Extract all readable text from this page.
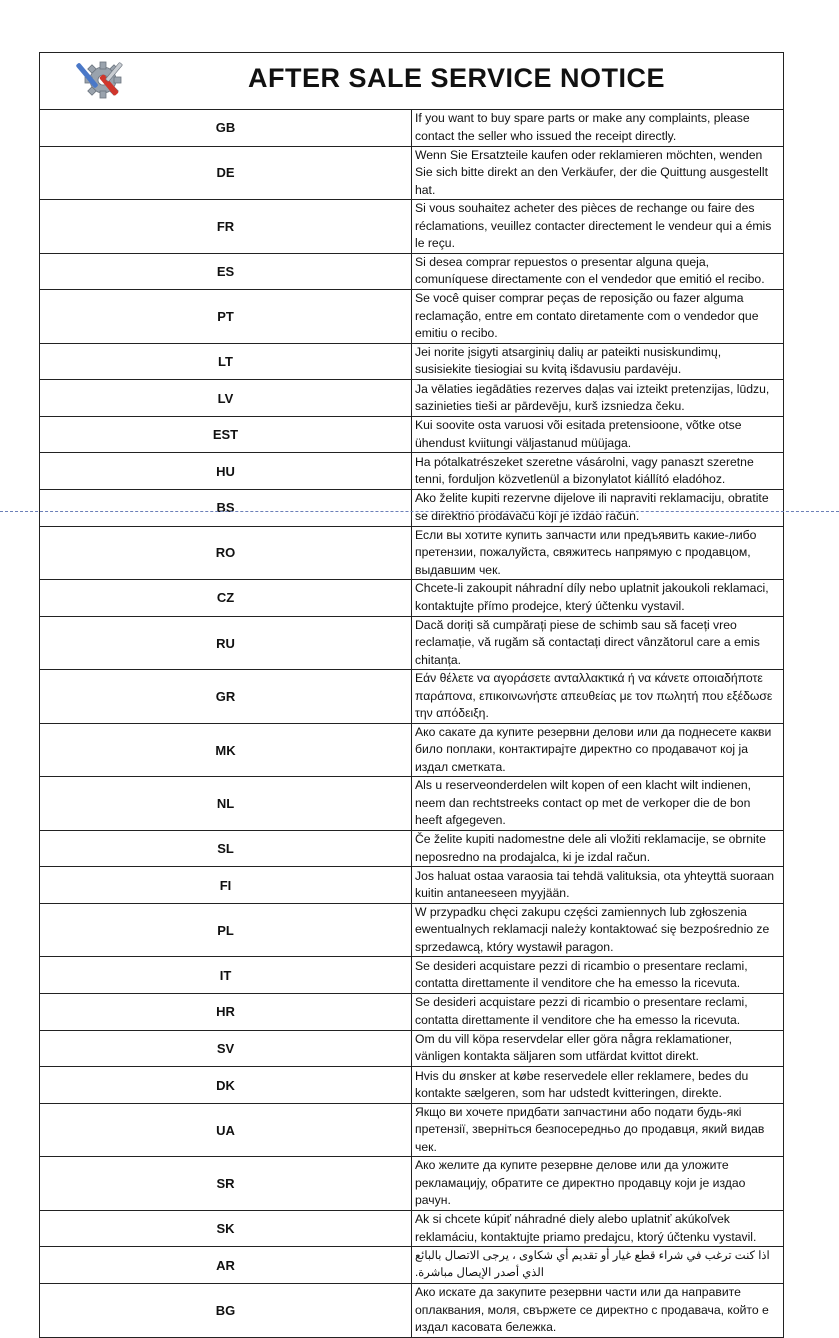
AFTER SALE SERVICE NOTICE	

GB	If you want to buy spare parts or make any complaints, please contact the seller who issued the receipt directly.
DE	Wenn Sie Ersatzteile kaufen oder reklamieren möchten, wenden Sie sich bitte direkt an den Verkäufer, der die Quittung ausgestellt hat.
FR	Si vous souhaitez acheter des pièces de rechange ou faire des réclamations, veuillez contacter directement le vendeur qui a émis le reçu.
ES	Si desea comprar repuestos o presentar alguna queja, comuníquese directamente con el vendedor que emitió el recibo.
PT	Se você quiser comprar peças de reposição ou fazer alguma reclamação, entre em contato diretamente com o vendedor que emitiu o recibo.
LT	Jei norite įsigyti atsarginių dalių ar pateikti nusiskundimų, susisiekite tiesiogiai su kvitą išdavusiu pardavėju.
LV	Ja vēlaties iegādāties rezerves daļas vai izteikt pretenzijas, lūdzu, sazinieties tieši ar pārdevēju, kurš izsniedza čeku.
EST	Kui soovite osta varuosi või esitada pretensioone, võtke otse ühendust kviitungi väljastanud müüjaga.
HU	Ha pótalkatrészeket szeretne vásárolni, vagy panaszt szeretne tenni, forduljon közvetlenül a bizonylatot kiállító eladóhoz.
BS	Ako želite kupiti rezervne dijelove ili napraviti reklamaciju, obratite se direktno prodavaču koji je izdao račun.
RO	Если вы хотите купить запчасти или предъявить какие-либо претензии, пожалуйста, свяжитесь напрямую с продавцом, выдавшим чек.
CZ	Chcete-li zakoupit náhradní díly nebo uplatnit jakoukoli reklamaci, kontaktujte přímo prodejce, který účtenku vystavil.
RU	Dacă doriți să cumpărați piese de schimb sau să faceți vreo reclamație, vă rugăm să contactați direct vânzătorul care a emis chitanța.
GR	Εάν θέλετε να αγοράσετε ανταλλακτικά ή να κάνετε οποιαδήποτε παράπονα, επικοινωνήστε απευθείας με τον πωλητή που εξέδωσε την απόδειξη.
MK	Ако сакате да купите резервни делови или да поднесете какви било поплаки, контактирајте директно со продавачот кој ја издал сметката.
NL	Als u reserveonderdelen wilt kopen of een klacht wilt indienen, neem dan rechtstreeks contact op met de verkoper die de bon heeft afgegeven.
SL	Če želite kupiti nadomestne dele ali vložiti reklamacije, se obrnite neposredno na prodajalca, ki je izdal račun.
FI	Jos haluat ostaa varaosia tai tehdä valituksia, ota yhteyttä suoraan kuitin antaneeseen myyjään.
PL	W przypadku chęci zakupu części zamiennych lub zgłoszenia ewentualnych reklamacji należy kontaktować się bezpośrednio ze sprzedawcą, który wystawił paragon.
IT	Se desideri acquistare pezzi di ricambio o presentare reclami, contatta direttamente il venditore che ha emesso la ricevuta.
HR	Se desideri acquistare pezzi di ricambio o presentare reclami, contatta direttamente il venditore che ha emesso la ricevuta.
SV	Om du vill köpa reservdelar eller göra några reklamationer, vänligen kontakta säljaren som utfärdat kvittot direkt.
DK	Hvis du ønsker at købe reservedele eller reklamere, bedes du kontakte sælgeren, som har udstedt kvitteringen, direkte.
UA	Якщо ви хочете придбати запчастини або подати будь-які претензії, зверніться безпосередньо до продавця, який видав чек.
SR	Ако желите да купите резервне делове или да уложите рекламацију, обратите се директно продавцу који је издао рачун.
SK	Ak si chcete kúpiť náhradné diely alebo uplatniť akúkoľvek reklamáciu, kontaktujte priamo predajcu, ktorý účtenku vystavil.
AR	اذا كنت ترغب في شراء قطع غيار أو تقديم أي شكاوى ، يرجى الاتصال بالبائع الذي أصدر الإيصال مباشرة.
BG	Ако искате да закупите резервни части или да направите оплаквания, моля, свържете се директно с продавача, който е издал касовата бележка.
